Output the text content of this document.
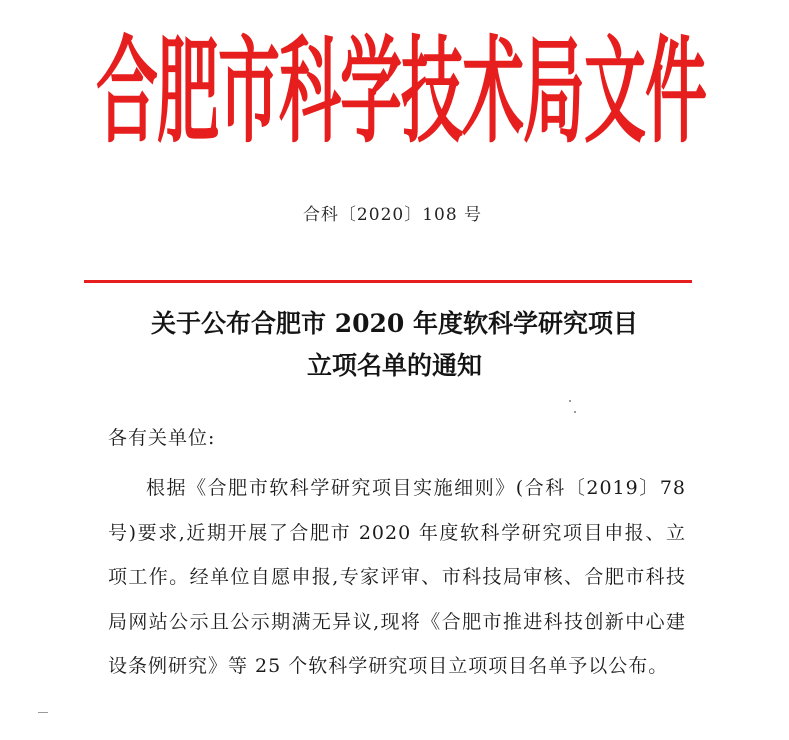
合肥市科学技术局文件
合科〔2020〕108 号
关于公布合肥市 2020 年度软科学研究项目
立项名单的通知

各有关单位:

根据《合肥市软科学研究项目实施细则》(合科〔2019〕78 号)要求,近期开展了合肥市 2020 年度软科学研究项目申报、立项工作。经单位自愿申报,专家评审、市科技局审核、合肥市科技局网站公示且公示期满无异议,现将《合肥市推进科技创新中心建设条例研究》等 25 个软科学研究项目立项项目名单予以公布。
